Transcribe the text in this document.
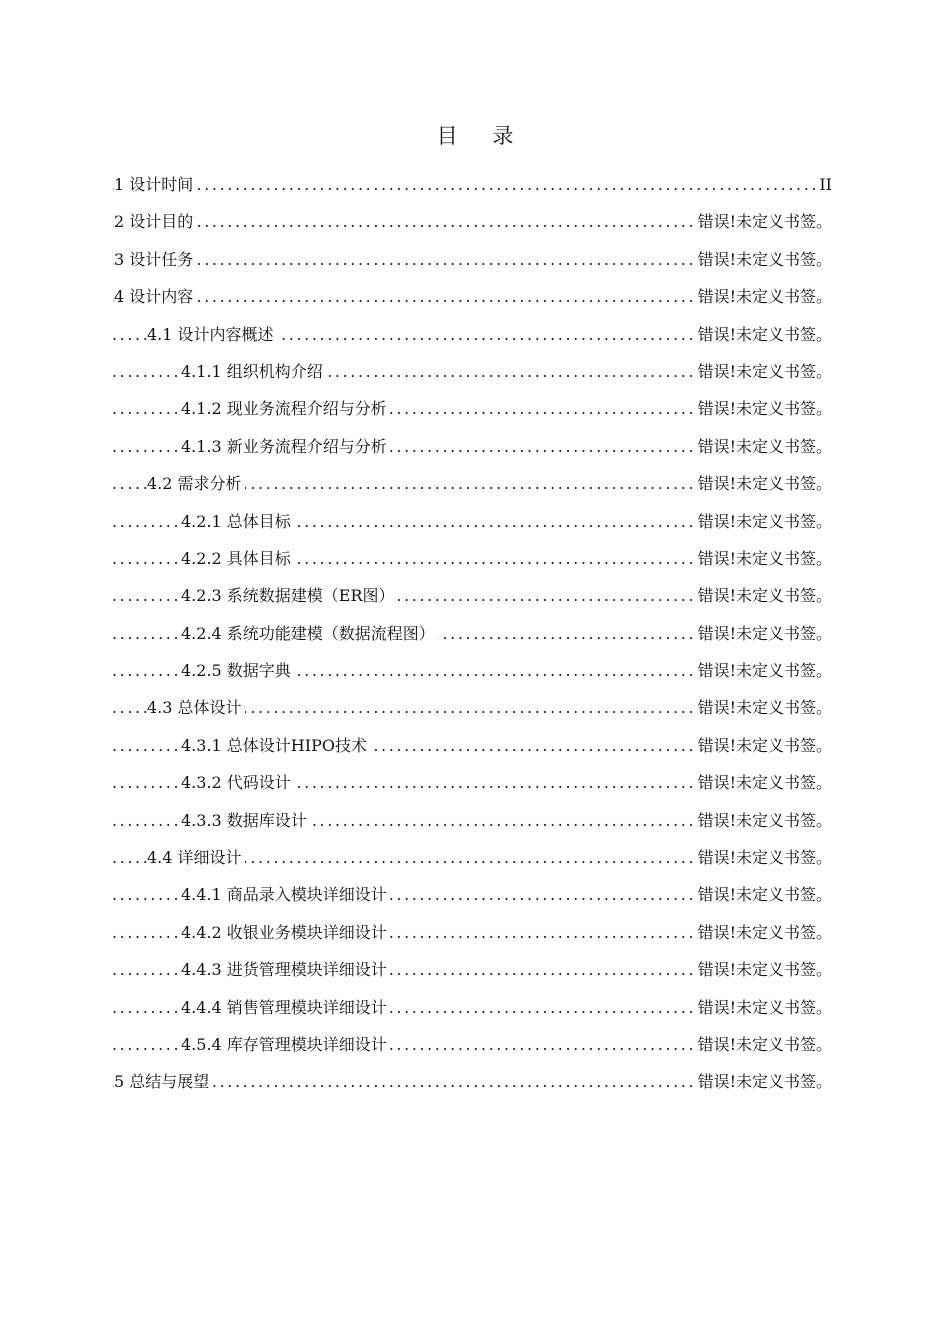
目 录
1 设计时间 .....	II
2 设计目的 .....	错误!未定义书签。
3 设计任务 .....	错误!未定义书签。
4 设计内容 .....	错误!未定义书签。
4.1 设计内容概述 .....	错误!未定义书签。
4.1.1 组织机构介绍 .....	错误!未定义书签。
4.1.2 现业务流程介绍与分析 .....	错误!未定义书签。
4.1.3 新业务流程介绍与分析 .....	错误!未定义书签。
4.2 需求分析 .....	错误!未定义书签。
4.2.1 总体目标 .....	错误!未定义书签。
4.2.2 具体目标 .....	错误!未定义书签。
4.2.3 系统数据建模（ER图） .....	错误!未定义书签。
4.2.4 系统功能建模（数据流程图） .....	错误!未定义书签。
4.2.5 数据字典 .....	错误!未定义书签。
4.3 总体设计 .....	错误!未定义书签。
4.3.1 总体设计HIPO技术 .....	错误!未定义书签。
4.3.2 代码设计 .....	错误!未定义书签。
4.3.3 数据库设计 .....	错误!未定义书签。
4.4 详细设计 .....	错误!未定义书签。
4.4.1 商品录入模块详细设计 .....	错误!未定义书签。
4.4.2 收银业务模块详细设计 .....	错误!未定义书签。
4.4.3 进货管理模块详细设计 .....	错误!未定义书签。
4.4.4 销售管理模块详细设计 .....	错误!未定义书签。
4.5.4 库存管理模块详细设计 .....	错误!未定义书签。
5 总结与展望 .....	错误!未定义书签。
